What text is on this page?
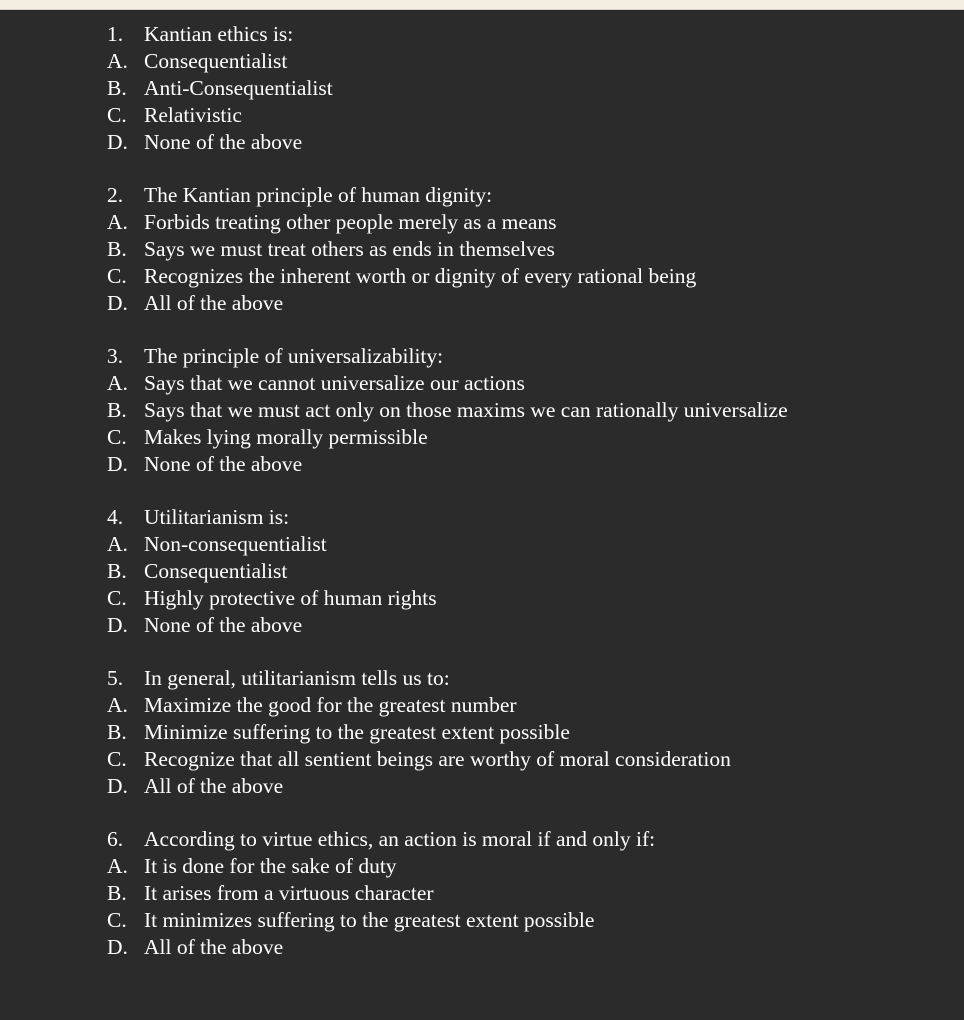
1. Kantian ethics is:
A. Consequentialist
B. Anti-Consequentialist
C. Relativistic
D. None of the above
2. The Kantian principle of human dignity:
A. Forbids treating other people merely as a means
B. Says we must treat others as ends in themselves
C. Recognizes the inherent worth or dignity of every rational being
D. All of the above
3. The principle of universalizability:
A. Says that we cannot universalize our actions
B. Says that we must act only on those maxims we can rationally universalize
C. Makes lying morally permissible
D. None of the above
4. Utilitarianism is:
A. Non-consequentialist
B. Consequentialist
C. Highly protective of human rights
D. None of the above
5. In general, utilitarianism tells us to:
A. Maximize the good for the greatest number
B. Minimize suffering to the greatest extent possible
C. Recognize that all sentient beings are worthy of moral consideration
D. All of the above
6. According to virtue ethics, an action is moral if and only if:
A. It is done for the sake of duty
B. It arises from a virtuous character
C. It minimizes suffering to the greatest extent possible
D. All of the above
